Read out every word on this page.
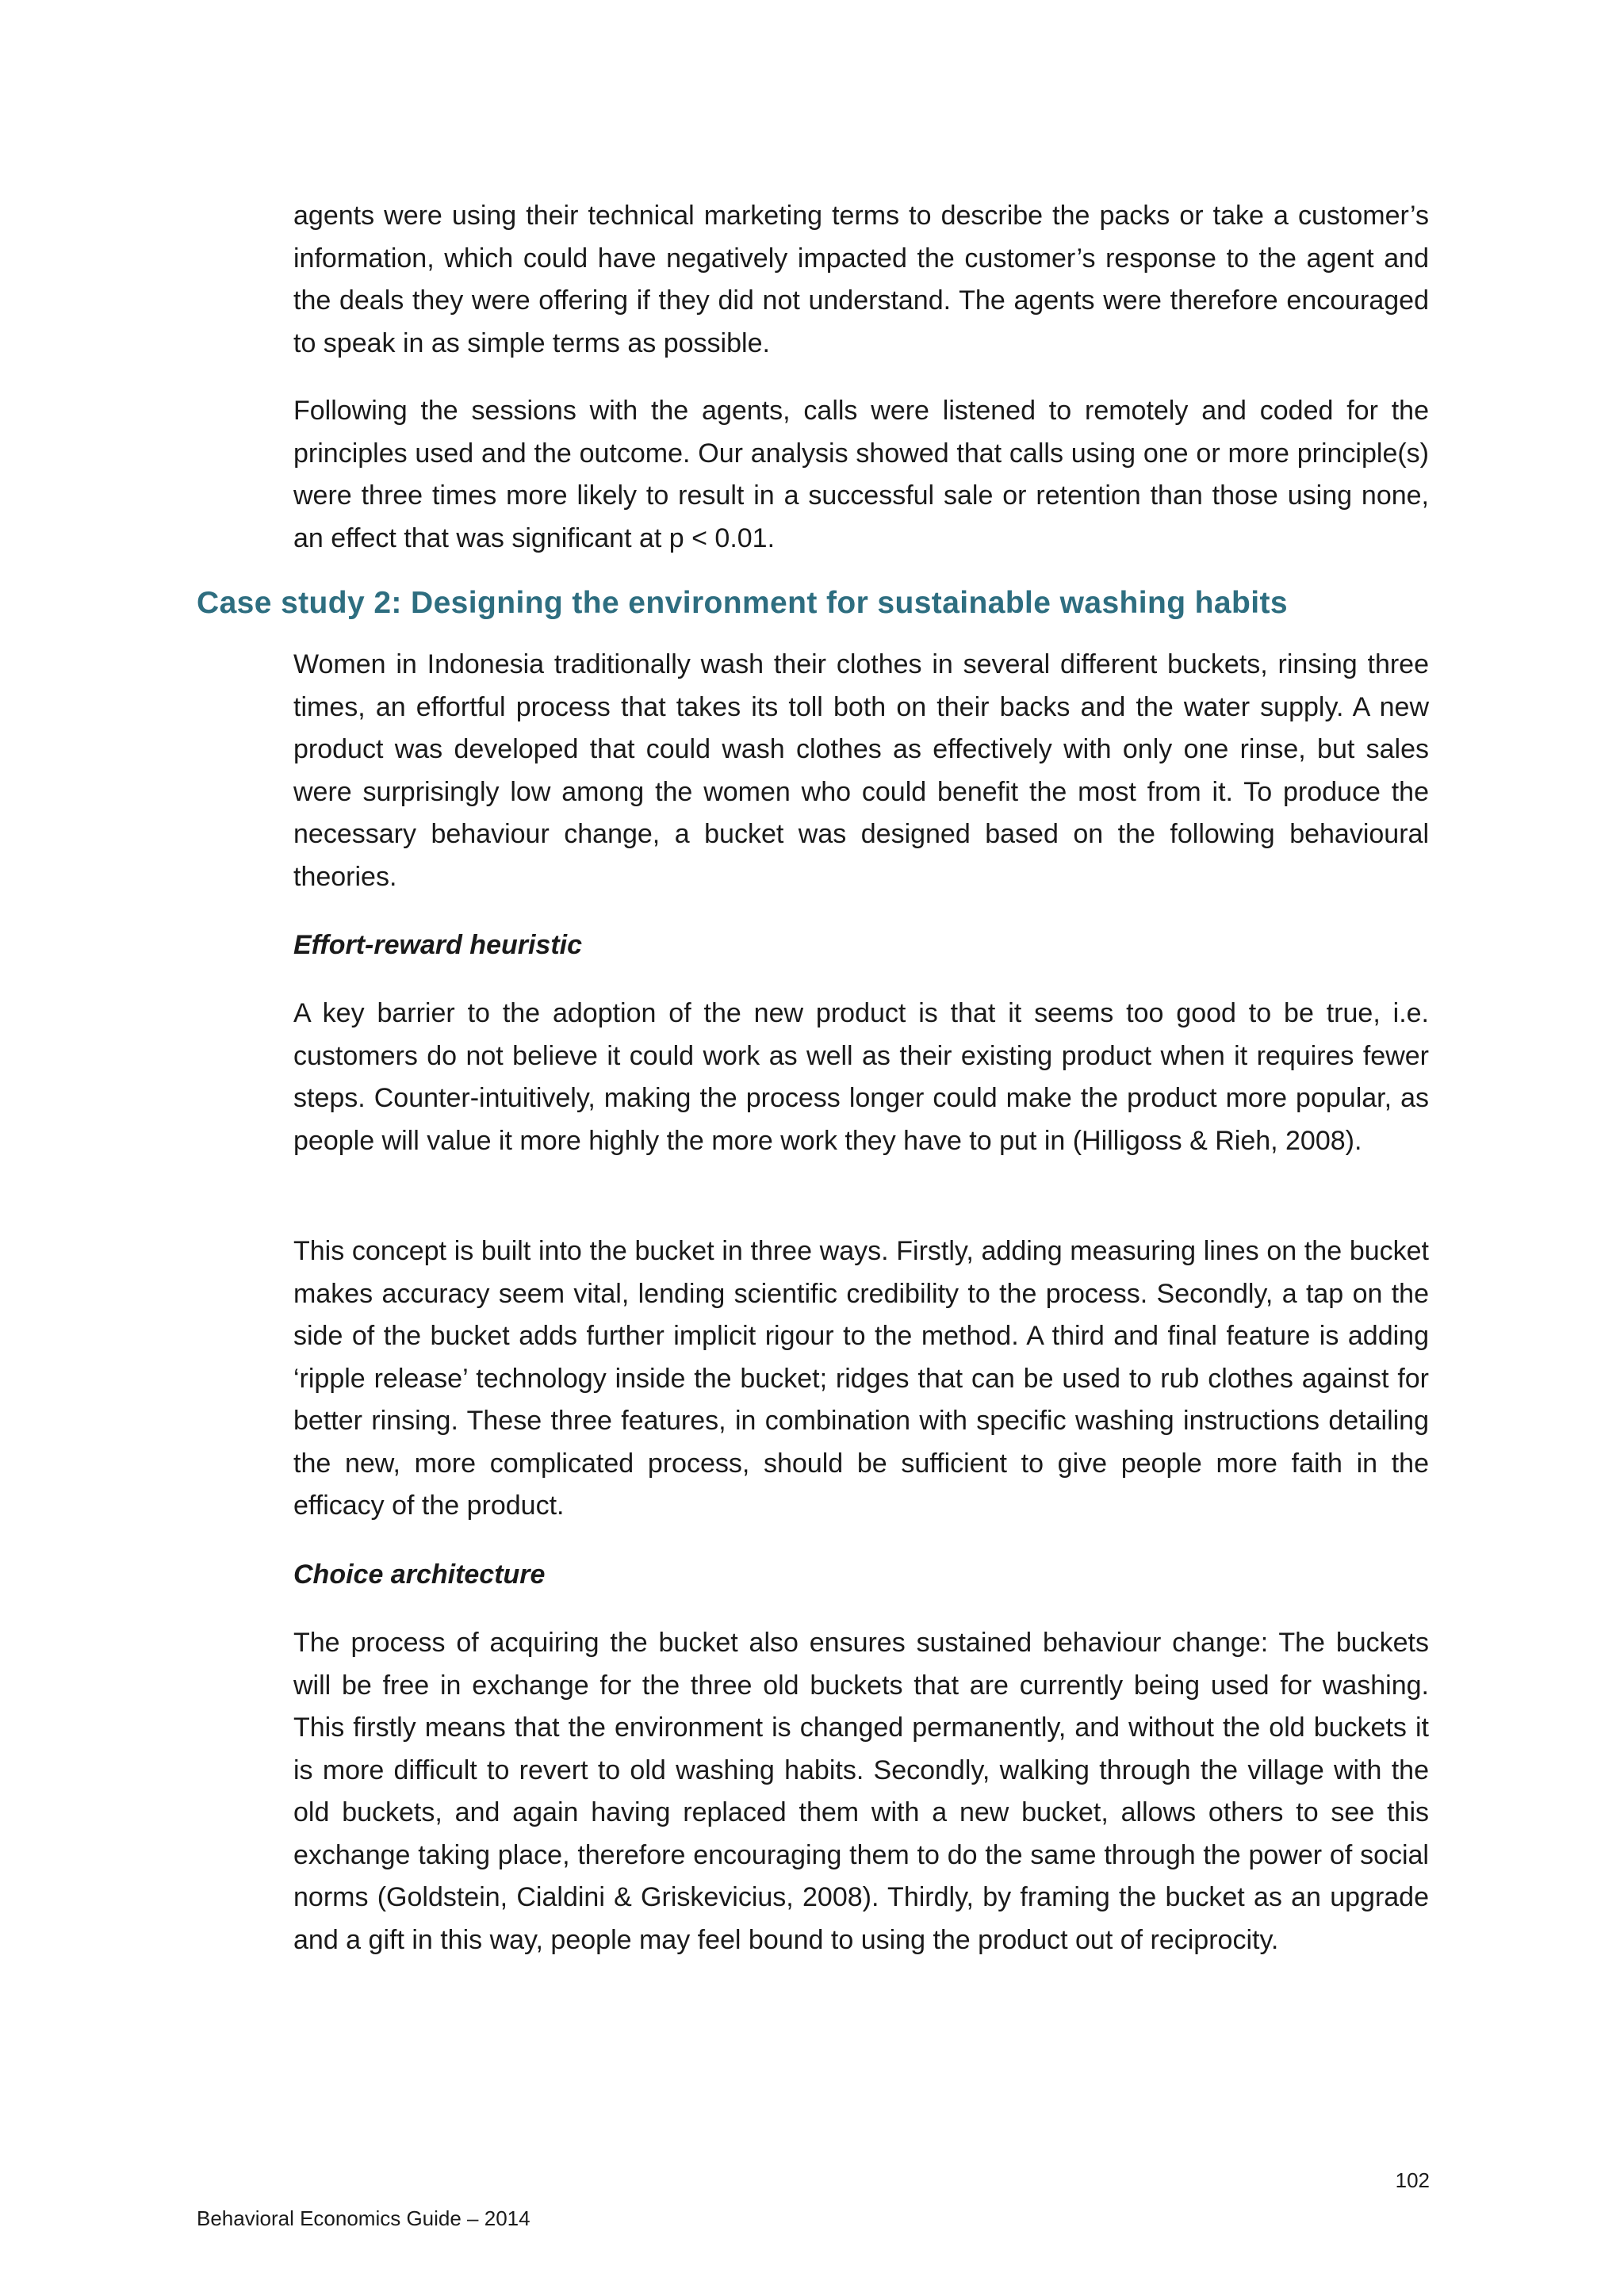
agents were using their technical marketing terms to describe the packs or take a customer’s information, which could have negatively impacted the customer’s response to the agent and the deals they were offering if they did not understand. The agents were therefore encouraged to speak in as simple terms as possible.

Following the sessions with the agents, calls were listened to remotely and coded for the principles used and the outcome. Our analysis showed that calls using one or more principle(s) were three times more likely to result in a successful sale or retention than those using none, an effect that was significant at p < 0.01.

Case study 2: Designing the environment for sustainable washing habits

Women in Indonesia traditionally wash their clothes in several different buckets, rinsing three times, an effortful process that takes its toll both on their backs and the water supply. A new product was developed that could wash clothes as effectively with only one rinse, but sales were surprisingly low among the women who could benefit the most from it. To produce the necessary behaviour change, a bucket was designed based on the following behavioural theories.

Effort-reward heuristic

A key barrier to the adoption of the new product is that it seems too good to be true, i.e. customers do not believe it could work as well as their existing product when it requires fewer steps. Counter-intuitively, making the process longer could make the product more popular, as people will value it more highly the more work they have to put in (Hilligoss & Rieh, 2008).

This concept is built into the bucket in three ways. Firstly, adding measuring lines on the bucket makes accuracy seem vital, lending scientific credibility to the process. Secondly, a tap on the side of the bucket adds further implicit rigour to the method. A third and final feature is adding ‘ripple release’ technology inside the bucket; ridges that can be used to rub clothes against for better rinsing. These three features, in combination with specific washing instructions detailing the new, more complicated process, should be sufficient to give people more faith in the efficacy of the product.

Choice architecture

The process of acquiring the bucket also ensures sustained behaviour change: The buckets will be free in exchange for the three old buckets that are currently being used for washing. This firstly means that the environment is changed permanently, and without the old buckets it is more difficult to revert to old washing habits. Secondly, walking through the village with the old buckets, and again having replaced them with a new bucket, allows others to see this exchange taking place, therefore encouraging them to do the same through the power of social norms (Goldstein, Cialdini & Griskevicius, 2008). Thirdly, by framing the bucket as an upgrade and a gift in this way, people may feel bound to using the product out of reciprocity.

102
Behavioral Economics Guide – 2014
